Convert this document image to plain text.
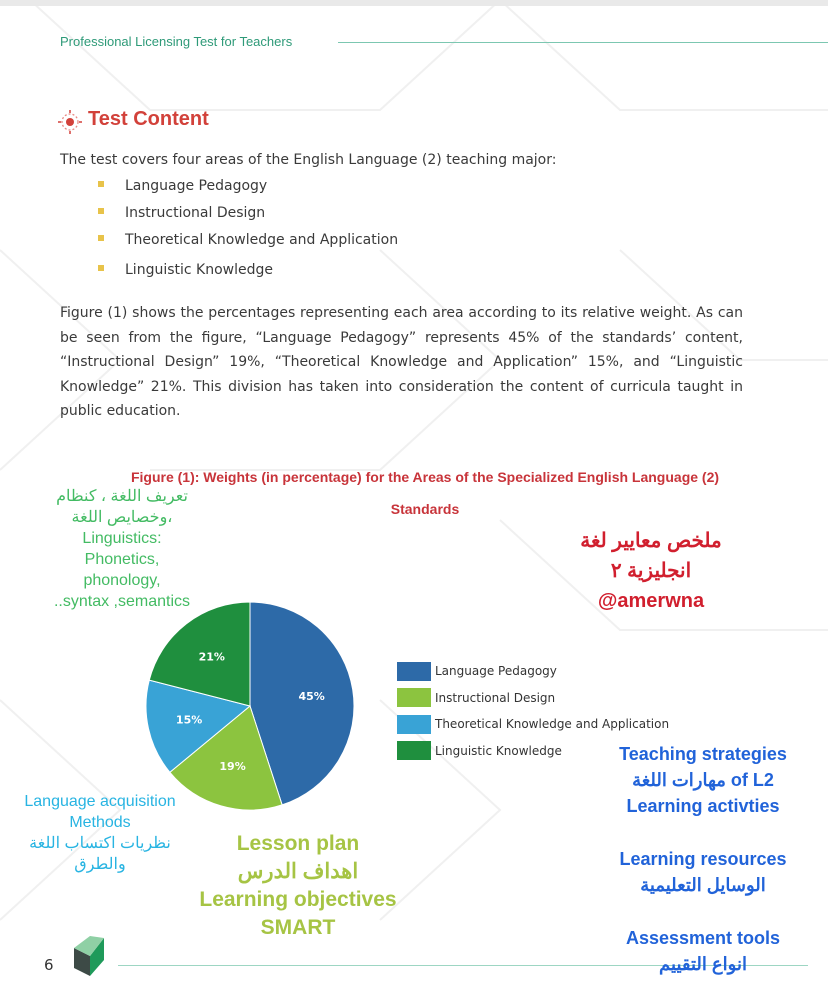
Professional Licensing Test for Teachers
Test Content
The test covers four areas of the English Language (2) teaching major:
Language Pedagogy
Instructional Design
Theoretical Knowledge and Application
Linguistic Knowledge
Figure (1) shows the percentages representing each area according to its relative weight. As can be seen from the figure, “Language Pedagogy” represents 45% of the standards’ content, “Instructional Design” 19%, “Theoretical Knowledge and Application” 15%, and “Linguistic Knowledge” 21%. This division has taken into consideration the content of curricula taught in public education.
Figure (1): Weights (in percentage) for the Areas of the Specialized English Language (2)
Standards
45%
19%
15%
21%
Language Pedagogy
Instructional Design
Theoretical Knowledge and Application
Linguistic Knowledge
تعريف اللغة ، كنظام
وخصايص اللغة،
Linguistics:
Phonetics,
phonology,
..syntax ,semantics
ملخص معايير لغة
انجليزية ٢
@amerwna
Language acquisition
Methods
نظريات اكتساب اللغة
والطرق
Lesson plan
اهداف الدرس
Learning objectives
SMART
Teaching strategies
مهارات اللغة of L2
Learning activties
Learning resources
الوسايل التعليمية
Assessment tools
انواع التقييم
6
